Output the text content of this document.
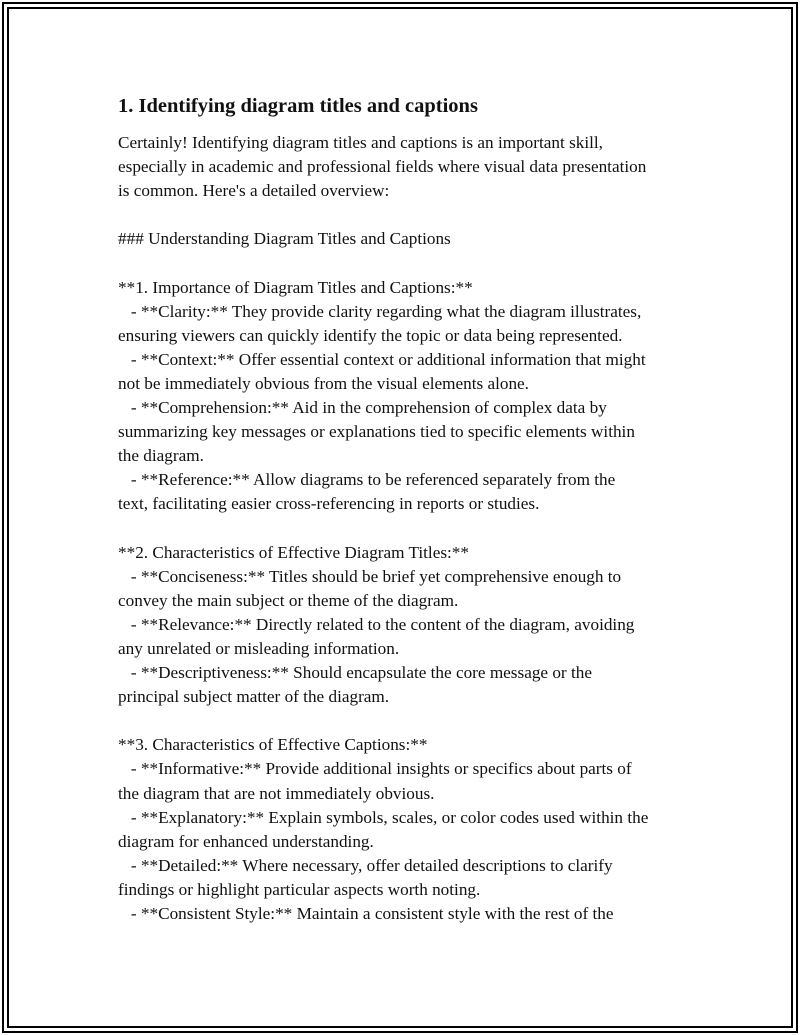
1. Identifying diagram titles and captions
Certainly! Identifying diagram titles and captions is an important skill,
especially in academic and professional fields where visual data presentation
is common. Here's a detailed overview:
### Understanding Diagram Titles and Captions
**1. Importance of Diagram Titles and Captions:**
- **Clarity:** They provide clarity regarding what the diagram illustrates,
ensuring viewers can quickly identify the topic or data being represented.
- **Context:** Offer essential context or additional information that might
not be immediately obvious from the visual elements alone.
- **Comprehension:** Aid in the comprehension of complex data by
summarizing key messages or explanations tied to specific elements within
the diagram.
- **Reference:** Allow diagrams to be referenced separately from the
text, facilitating easier cross-referencing in reports or studies.
**2. Characteristics of Effective Diagram Titles:**
- **Conciseness:** Titles should be brief yet comprehensive enough to
convey the main subject or theme of the diagram.
- **Relevance:** Directly related to the content of the diagram, avoiding
any unrelated or misleading information.
- **Descriptiveness:** Should encapsulate the core message or the
principal subject matter of the diagram.
**3. Characteristics of Effective Captions:**
- **Informative:** Provide additional insights or specifics about parts of
the diagram that are not immediately obvious.
- **Explanatory:** Explain symbols, scales, or color codes used within the
diagram for enhanced understanding.
- **Detailed:** Where necessary, offer detailed descriptions to clarify
findings or highlight particular aspects worth noting.
- **Consistent Style:** Maintain a consistent style with the rest of the
